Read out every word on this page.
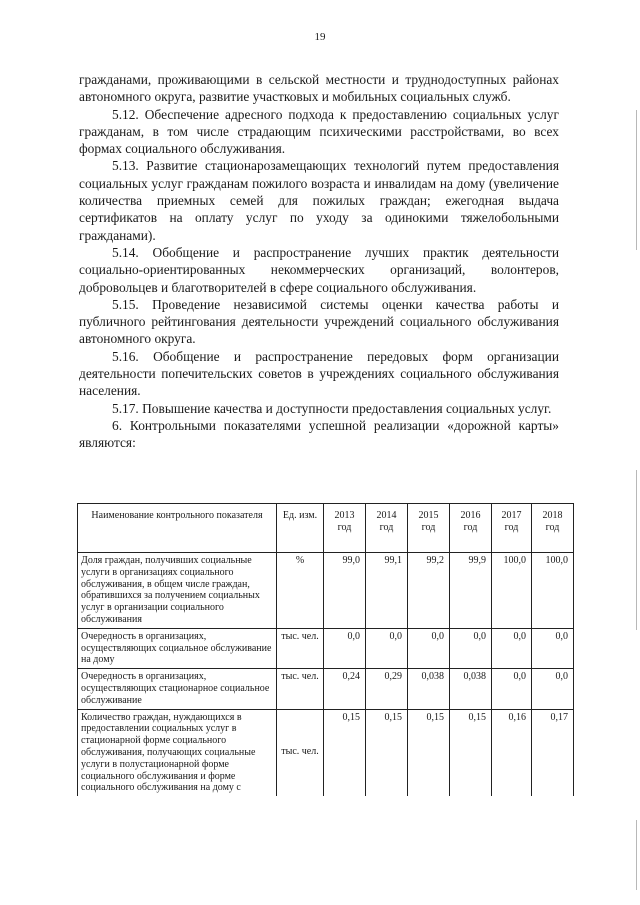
19

гражданами, проживающими в сельской местности и труднодоступных районах автономного округа, развитие участковых и мобильных социальных служб.

5.12. Обеспечение адресного подхода к предоставлению социальных услуг гражданам, в том числе страдающим психическими расстройствами, во всех формах социального обслуживания.

5.13. Развитие стационарозамещающих технологий путем предоставления социальных услуг гражданам пожилого возраста и инвалидам на дому (увеличение количества приемных семей для пожилых граждан; ежегодная выдача сертификатов на оплату услуг по уходу за одинокими тяжелобольными гражданами).

5.14. Обобщение и распространение лучших практик деятельности социально-ориентированных некоммерческих организаций, волонтеров, добровольцев и благотворителей в сфере социального обслуживания.

5.15. Проведение независимой системы оценки качества работы и публичного рейтингования деятельности учреждений социального обслуживания автономного округа.

5.16. Обобщение и распространение передовых форм организации деятельности попечительских советов в учреждениях социального обслуживания населения.

5.17. Повышение качества и доступности предоставления социальных услуг.

6. Контрольными показателями успешной реализации «дорожной карты» являются:

Наименование контрольного показателя	Ед. изм.	2013 год	2014 год	2015 год	2016 год	2017 год	2018 год
Доля граждан, получивших социальные услуги в организациях социального обслуживания, в общем числе граждан, обратившихся за получением социальных услуг в организации социального обслуживания	%	99,0	99,1	99,2	99,9	100,0	100,0
Очередность в организациях, осуществляющих социальное обслуживание на дому	тыс. чел.	0,0	0,0	0,0	0,0	0,0	0,0
Очередность в организациях, осуществляющих стационарное социальное обслуживание	тыс. чел.	0,24	0,29	0,038	0,038	0,0	0,0
Количество граждан, нуждающихся в предоставлении социальных услуг в стационарной форме социального обслуживания, получающих социальные услуги в полустационарной форме социального обслуживания и форме социального обслуживания на дому с	тыс. чел.	0,15	0,15	0,15	0,15	0,16	0,17
